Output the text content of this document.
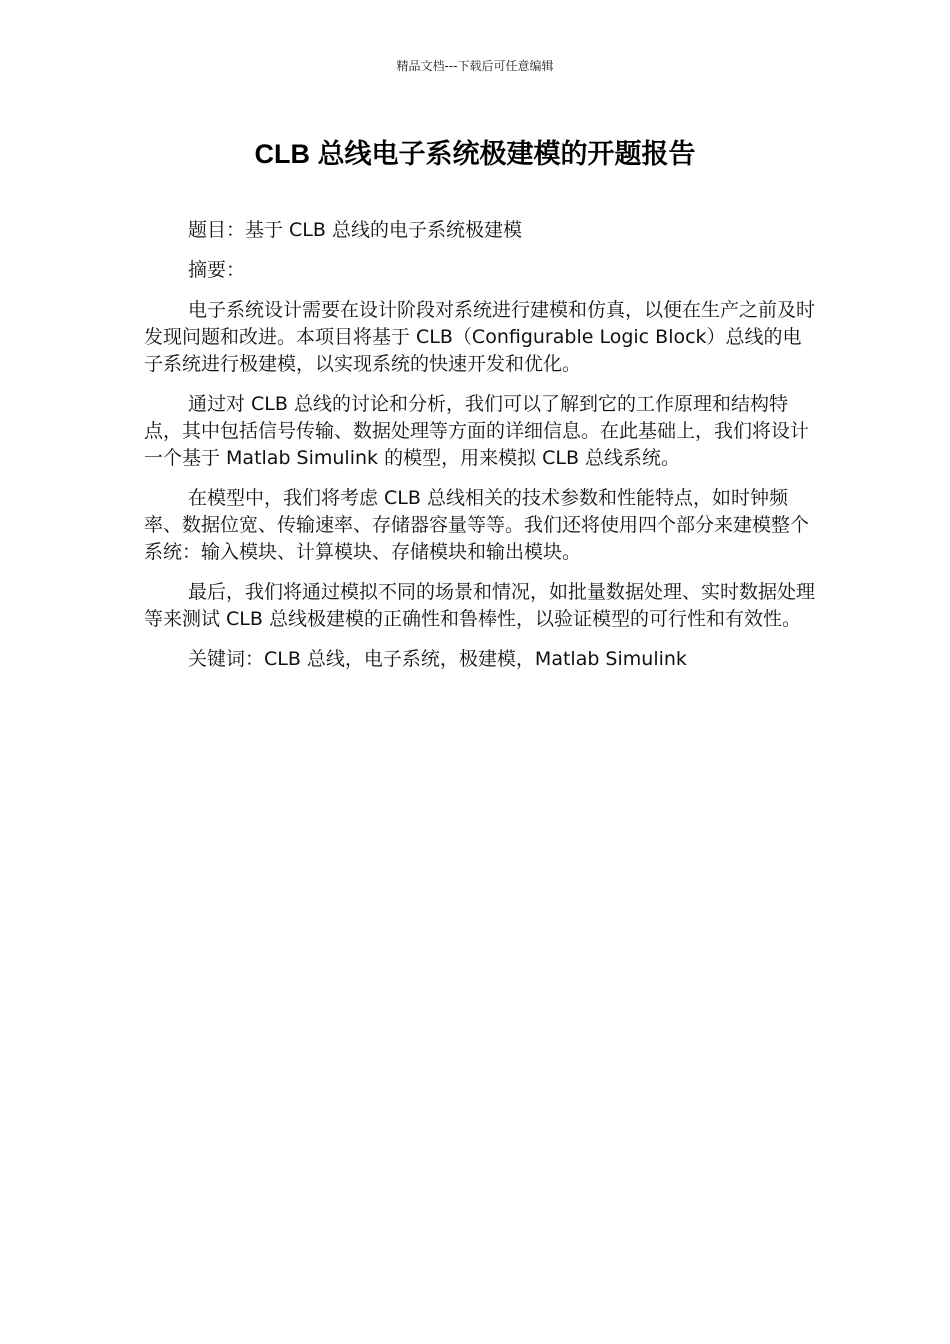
精品文档---下载后可任意编辑
CLB 总线电子系统极建模的开题报告

题目：基于 CLB 总线的电子系统极建模

摘要：

电子系统设计需要在设计阶段对系统进行建模和仿真，以便在生产之前及时发现问题和改进。本项目将基于 CLB（Configurable Logic Block）总线的电子系统进行极建模，以实现系统的快速开发和优化。

通过对 CLB 总线的讨论和分析，我们可以了解到它的工作原理和结构特点，其中包括信号传输、数据处理等方面的详细信息。在此基础上，我们将设计一个基于 Matlab Simulink 的模型，用来模拟 CLB 总线系统。

在模型中，我们将考虑 CLB 总线相关的技术参数和性能特点，如时钟频率、数据位宽、传输速率、存储器容量等等。我们还将使用四个部分来建模整个系统：输入模块、计算模块、存储模块和输出模块。

最后，我们将通过模拟不同的场景和情况，如批量数据处理、实时数据处理等来测试 CLB 总线极建模的正确性和鲁棒性，以验证模型的可行性和有效性。

关键词：CLB 总线，电子系统，极建模，Matlab Simulink
